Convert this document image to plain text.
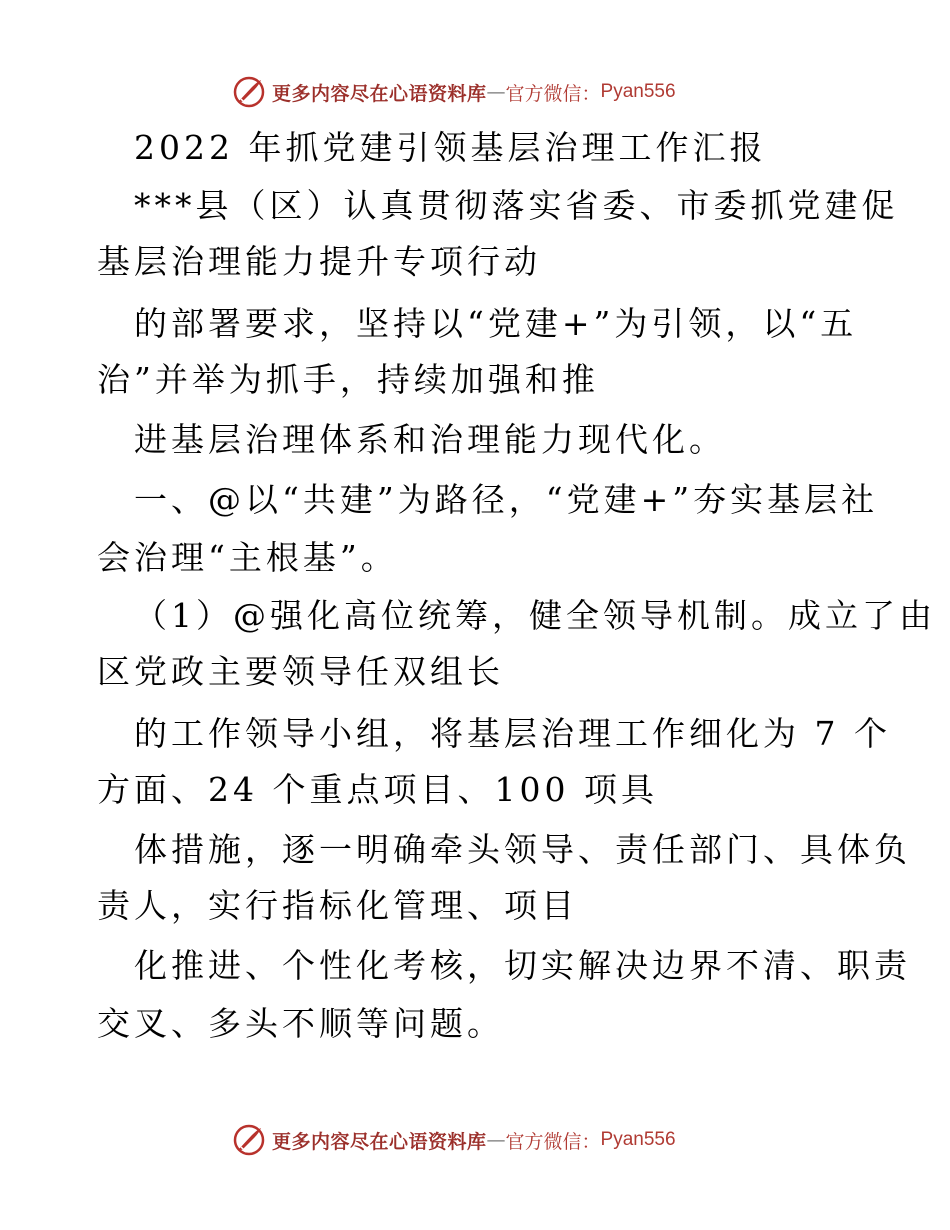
更多内容尽在心语资料库 — 官方微信： Pyan556
2022 年抓党建引领基层治理工作汇报
***县（区）认真贯彻落实省委、市委抓党建促
基层治理能力提升专项行动
的部署要求，坚持以“党建+”为引领，以“五
治”并举为抓手，持续加强和推
进基层治理体系和治理能力现代化。
一、@以“共建”为路径，“党建+”夯实基层社
会治理“主根基”。
（1）@强化高位统筹，健全领导机制。成立了由
区党政主要领导任双组长
的工作领导小组，将基层治理工作细化为 7 个
方面、24 个重点项目、100 项具
体措施，逐一明确牵头领导、责任部门、具体负
责人，实行指标化管理、项目
化推进、个性化考核，切实解决边界不清、职责
交叉、多头不顺等问题。
更多内容尽在心语资料库 — 官方微信： Pyan556
